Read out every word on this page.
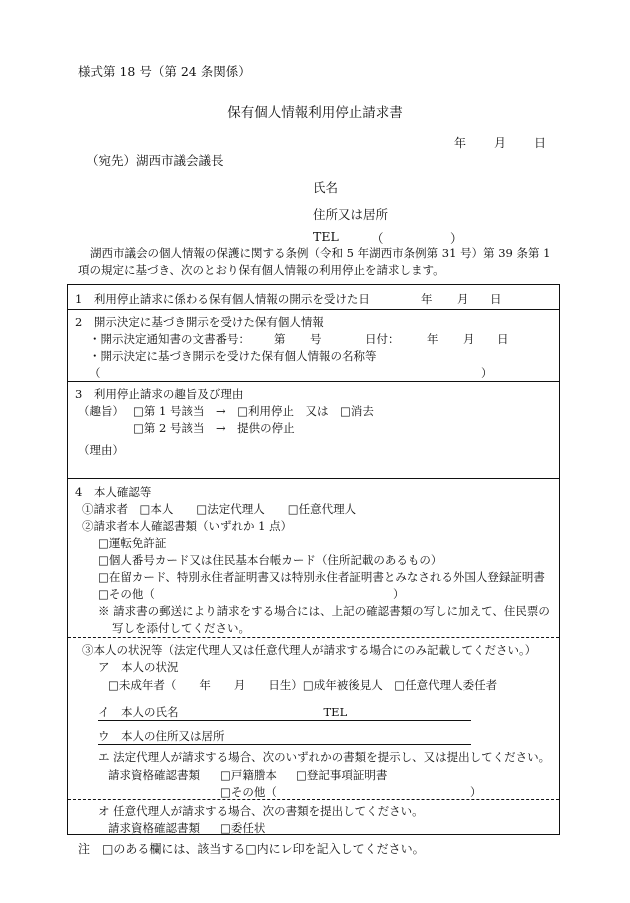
様式第 18 号（第 24 条関係）
保有個人情報利用停止請求書
年 月 日
（宛先）湖西市議会議長
氏名
住所又は居所
TEL	（	）
湖西市議会の個人情報の保護に関する条例（令和 5 年湖西市条例第 31 号）第 39 条第 1 項の規定に基づき、次のとおり保有個人情報の利用停止を請求します。
1　利用停止請求に係わる保有個人情報の開示を受けた日	年 月 日
2　開示決定に基づき開示を受けた保有個人情報
・開示決定通知書の文書番号： 第 号	日付： 年 月 日
・開示決定に基づき開示を受けた保有個人情報の名称等
（	）
3　利用停止請求の趣旨及び理由
（趣旨） □第 1 号該当　→　□利用停止　又は　□消去
□第 2 号該当　→　提供の停止
（理由）
4　本人確認等
①請求者　□本人　　□法定代理人　　□任意代理人
②請求者本人確認書類（いずれか 1 点）
□運転免許証
□個人番号カード又は住民基本台帳カード（住所記載のあるもの）
□在留カード、特別永住者証明書又は特別永住者証明書とみなされる外国人登録証明書
□その他（	）
※ 請求書の郵送により請求をする場合には、上記の確認書類の写しに加えて、住民票の
写しを添付してください。
③本人の状況等（法定代理人又は任意代理人が請求する場合にのみ記載してください。）
ア　本人の状況
□未成年者（　　年　　月　　日生）□成年被後見人　□任意代理人委任者
イ　本人の氏名	TEL
ウ　本人の住所又は居所
エ 法定代理人が請求する場合、次のいずれかの書類を提示し、又は提出してください。
請求資格確認書類 □戸籍謄本 □登記事項証明書
□その他（	）
オ 任意代理人が請求する場合、次の書類を提出してください。
請求資格確認書類 □委任状
注　□のある欄には、該当する□内にレ印を記入してください。
